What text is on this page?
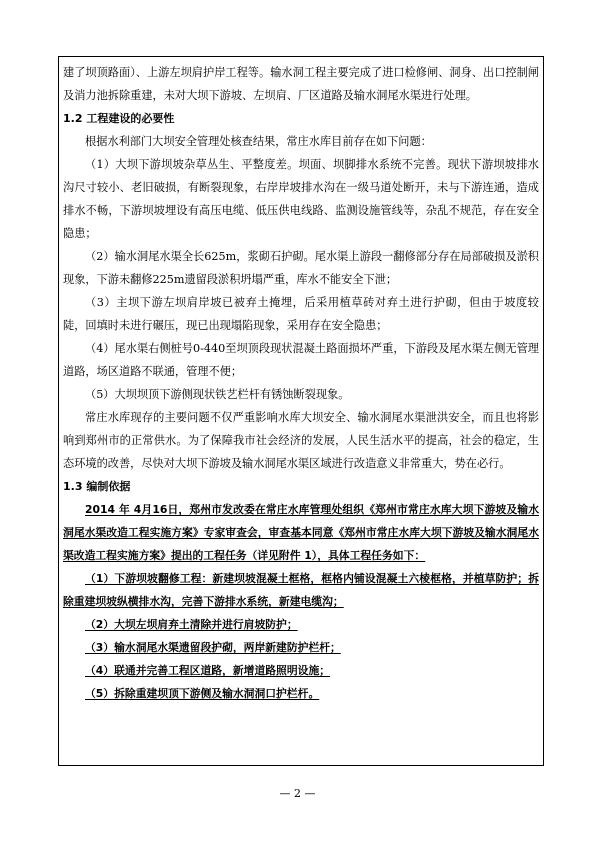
建了坝顶路面）、上游左坝肩护岸工程等。输水洞工程主要完成了进口检修闸、洞身、出口控制闸及消力池拆除重建，未对大坝下游坡、左坝肩、厂区道路及输水洞尾水渠进行处理。

1.2 工程建设的必要性

根据水利部门大坝安全管理处核查结果，常庄水库目前存在如下问题：

（1）大坝下游坝坡杂草丛生、平整度差。坝面、坝脚排水系统不完善。现状下游坝坡排水沟尺寸较小、老旧破损，有断裂现象，右岸岸坡排水沟在一级马道处断开，未与下游连通，造成排水不畅，下游坝坡埋设有高压电缆、低压供电线路、监测设施管线等，杂乱不规范，存在安全隐患；

（2）输水洞尾水渠全长625m，浆砌石护砌。尾水渠上游段一翻修部分存在局部破损及淤积现象，下游未翻修225m遗留段淤积坍塌严重，库水不能安全下泄；

（3）主坝下游左坝肩岸坡已被弃土掩埋，后采用植草砖对弃土进行护砌，但由于坡度较陡，回填时未进行碾压，现已出现塌陷现象，采用存在安全隐患；

（4）尾水渠右侧桩号0-440至坝顶段现状混凝土路面损坏严重，下游段及尾水渠左侧无管理道路，场区道路不联通，管理不便；

（5）大坝坝顶下游侧现状铁艺栏杆有锈蚀断裂现象。

常庄水库现存的主要问题不仅严重影响水库大坝安全、输水洞尾水渠泄洪安全，而且也将影响到郑州市的正常供水。为了保障我市社会经济的发展，人民生活水平的提高，社会的稳定，生态环境的改善，尽快对大坝下游坡及输水洞尾水渠区域进行改造意义非常重大，势在必行。

1.3 编制依据

2014 年 4月16日，郑州市发改委在常庄水库管理处组织《郑州市常庄水库大坝下游坡及输水洞尾水渠改造工程实施方案》专家审查会，审查基本同意《郑州市常庄水库大坝下游坡及输水洞尾水渠改造工程实施方案》提出的工程任务（详见附件 1），具体工程任务如下：

（1）下游坝坡翻修工程：新建坝坡混凝土框格，框格内铺设混凝土六棱框格，并植草防护；拆除重建坝坡纵横排水沟，完善下游排水系统，新建电缆沟；

（2）大坝左坝肩弃土清除并进行肩坡防护；

（3）输水洞尾水渠遗留段护砌，两岸新建防护栏杆；

（4）联通并完善工程区道路，新增道路照明设施；

（5）拆除重建坝顶下游侧及输水洞洞口护栏杆。

— 2 —
